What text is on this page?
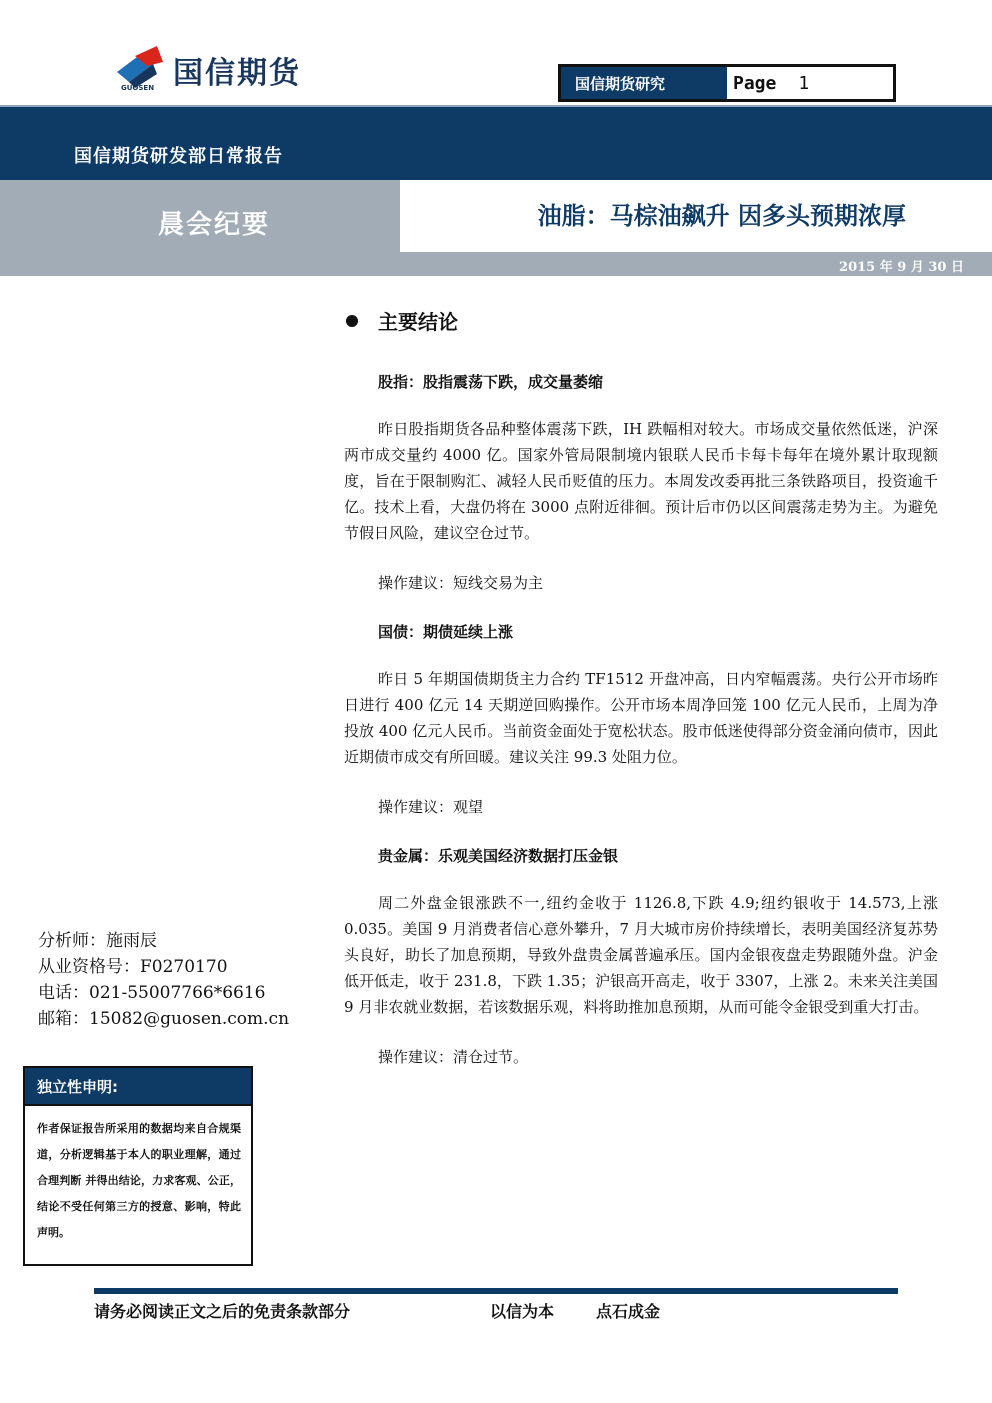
国信期货
GUOSEN	国信期货研究	Page 1
国信期货研发部日常报告
晨会纪要	油脂：马棕油飙升 因多头预期浓厚
2015 年 9 月 30 日
主要结论
股指：股指震荡下跌，成交量萎缩
昨日股指期货各品种整体震荡下跌，IH 跌幅相对较大。市场成交量依然低迷，沪深两市成交量约 4000 亿。国家外管局限制境内银联人民币卡每卡每年在境外累计取现额度，旨在于限制购汇、减轻人民币贬值的压力。本周发改委再批三条铁路项目，投资逾千亿。技术上看，大盘仍将在 3000 点附近徘徊。预计后市仍以区间震荡走势为主。为避免节假日风险，建议空仓过节。
操作建议：短线交易为主
国债：期债延续上涨
昨日 5 年期国债期货主力合约 TF1512 开盘冲高，日内窄幅震荡。央行公开市场昨日进行 400 亿元 14 天期逆回购操作。公开市场本周净回笼 100 亿元人民币，上周为净投放 400 亿元人民币。当前资金面处于宽松状态。股市低迷使得部分资金涌向债市，因此近期债市成交有所回暖。建议关注 99.3 处阻力位。
操作建议：观望
贵金属：乐观美国经济数据打压金银
周二外盘金银涨跌不一,纽约金收于 1126.8,下跌 4.9;纽约银收于 14.573,上涨 0.035。美国 9 月消费者信心意外攀升，7 月大城市房价持续增长，表明美国经济复苏势头良好，助长了加息预期，导致外盘贵金属普遍承压。国内金银夜盘走势跟随外盘。沪金低开低走，收于 231.8，下跌 1.35；沪银高开高走，收于 3307，上涨 2。未来关注美国 9 月非农就业数据，若该数据乐观，料将助推加息预期，从而可能令金银受到重大打击。
操作建议：清仓过节。
分析师：施雨辰
从业资格号：F0270170
电话：021-55007766*6616
邮箱：15082@guosen.com.cn
独立性申明:
作者保证报告所采用的数据均来自合规渠道，分析逻辑基于本人的职业理解，通过合理判断 并得出结论，力求客观、公正，结论不受任何第三方的授意、影响，特此声明。
请务必阅读正文之后的免责条款部分	以信为本	点石成金
